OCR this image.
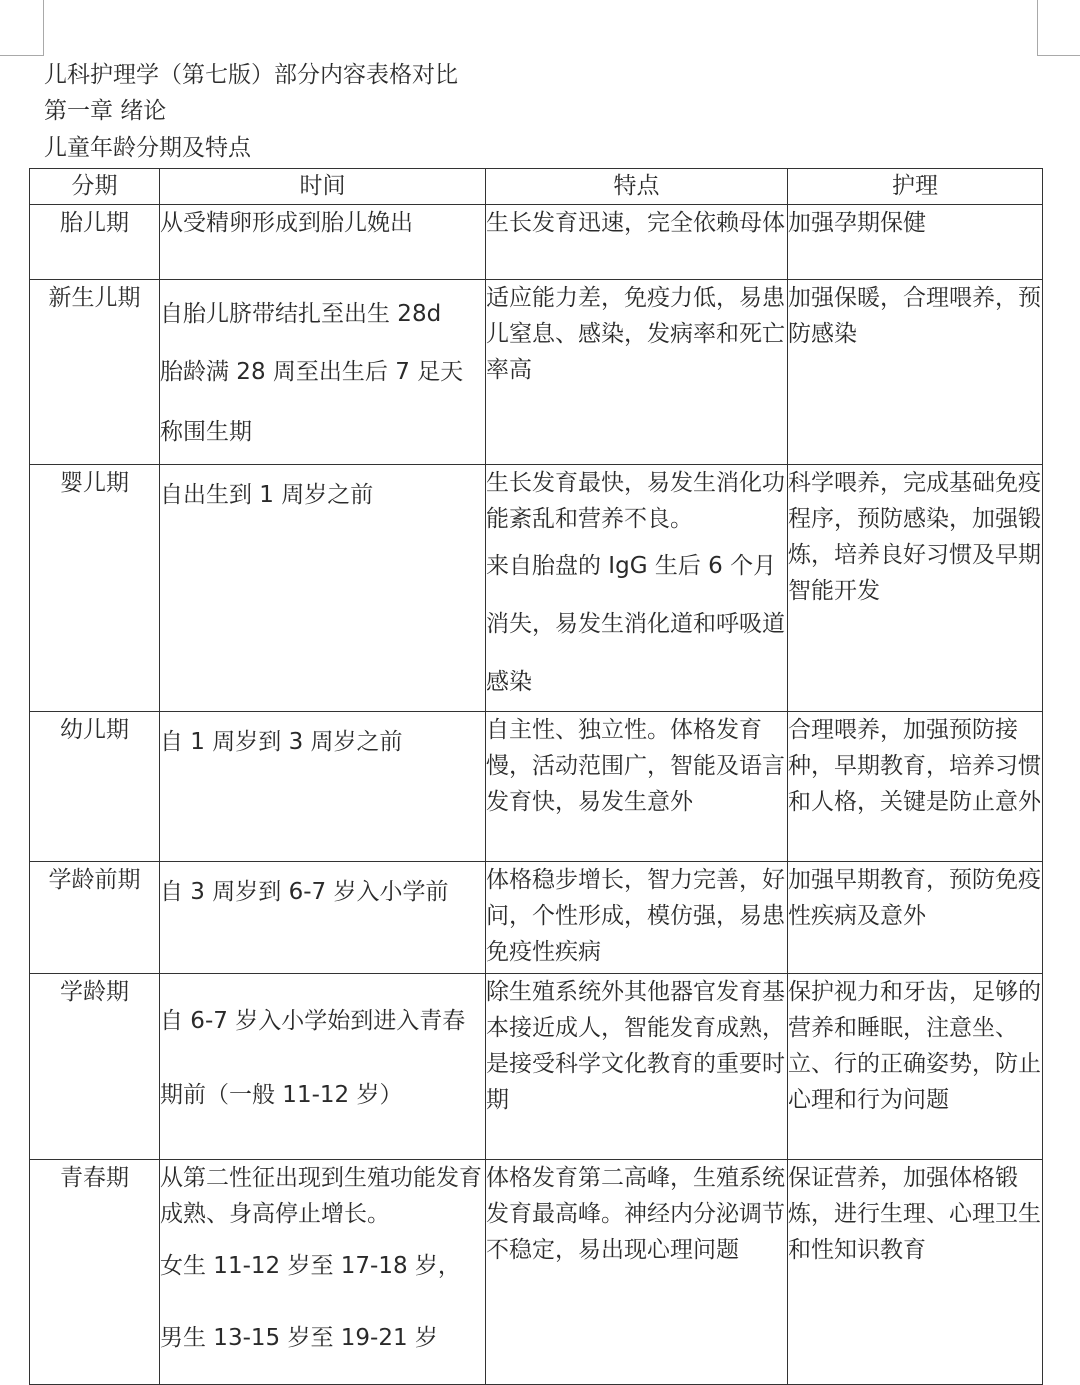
儿科护理学（第七版）部分内容表格对比
第一章 绪论
儿童年龄分期及特点
分期	时间	特点	护理
胎儿期	从受精卵形成到胎儿娩出	生长发育迅速，完全依赖母体	加强孕期保健

新生儿期	自胎儿脐带结扎至出生 28d
胎龄满 28 周至出生后 7 足天称围生期	适应能力差，免疫力低，易患儿窒息、感染，发病率和死亡率高	加强保暖，合理喂养，预防感染

婴儿期	自出生到 1 周岁之前	生长发育最快，易发生消化功能紊乱和营养不良。
来自胎盘的 IgG 生后 6 个月消失，易发生消化道和呼吸道感染	科学喂养，完成基础免疫程序，预防感染，加强锻炼，培养良好习惯及早期智能开发

幼儿期	自 1 周岁到 3 周岁之前	自主性、独立性。体格发育慢，活动范围广，智能及语言发育快，易发生意外	合理喂养，加强预防接种，早期教育，培养习惯和人格，关键是防止意外

学龄前期	自 3 周岁到 6-7 岁入小学前	体格稳步增长，智力完善，好问，个性形成，模仿强，易患免疫性疾病	加强早期教育，预防免疫性疾病及意外

学龄期	自 6-7 岁入小学始到进入青春期前（一般 11-12 岁）	除生殖系统外其他器官发育基本接近成人，智能发育成熟，是接受科学文化教育的重要时期	保护视力和牙齿，足够的营养和睡眠，注意坐、立、行的正确姿势，防止心理和行为问题

青春期	从第二性征出现到生殖功能发育成熟、身高停止增长。
女生 11-12 岁至 17-18 岁，
男生 13-15 岁至 19-21 岁	体格发育第二高峰，生殖系统发育最高峰。神经内分泌调节不稳定，易出现心理问题	保证营养，加强体格锻炼，进行生理、心理卫生和性知识教育
